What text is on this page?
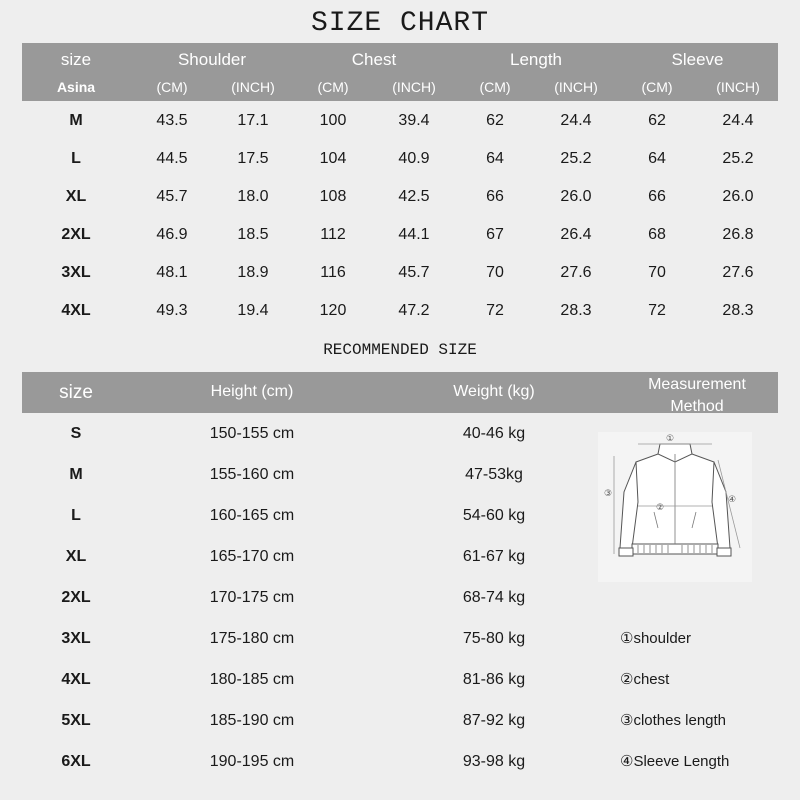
SIZE CHART
size	Shoulder	Chest	Length	Sleeve
Asina	(CM)	(INCH)	(CM)	(INCH)	(CM)	(INCH)	(CM)	(INCH)
M	43.5	17.1	100	39.4	62	24.4	62	24.4
L	44.5	17.5	104	40.9	64	25.2	64	25.2
XL	45.7	18.0	108	42.5	66	26.0	66	26.0
2XL	46.9	18.5	112	44.1	67	26.4	68	26.8
3XL	48.1	18.9	116	45.7	70	27.6	70	27.6
4XL	49.3	19.4	120	47.2	72	28.3	72	28.3
RECOMMENDED SIZE
size	Height (cm)	Weight (kg)	Measurement Method
S	150-155 cm	40-46 kg
M	155-160 cm	47-53kg
L	160-165 cm	54-60 kg
XL	165-170 cm	61-67 kg
2XL	170-175 cm	68-74 kg
3XL	175-180 cm	75-80 kg
4XL	180-185 cm	81-86 kg
5XL	185-190 cm	87-92 kg
6XL	190-195 cm	93-98 kg
①
②
③
④
①shoulder
②chest
③clothes length
④Sleeve Length
